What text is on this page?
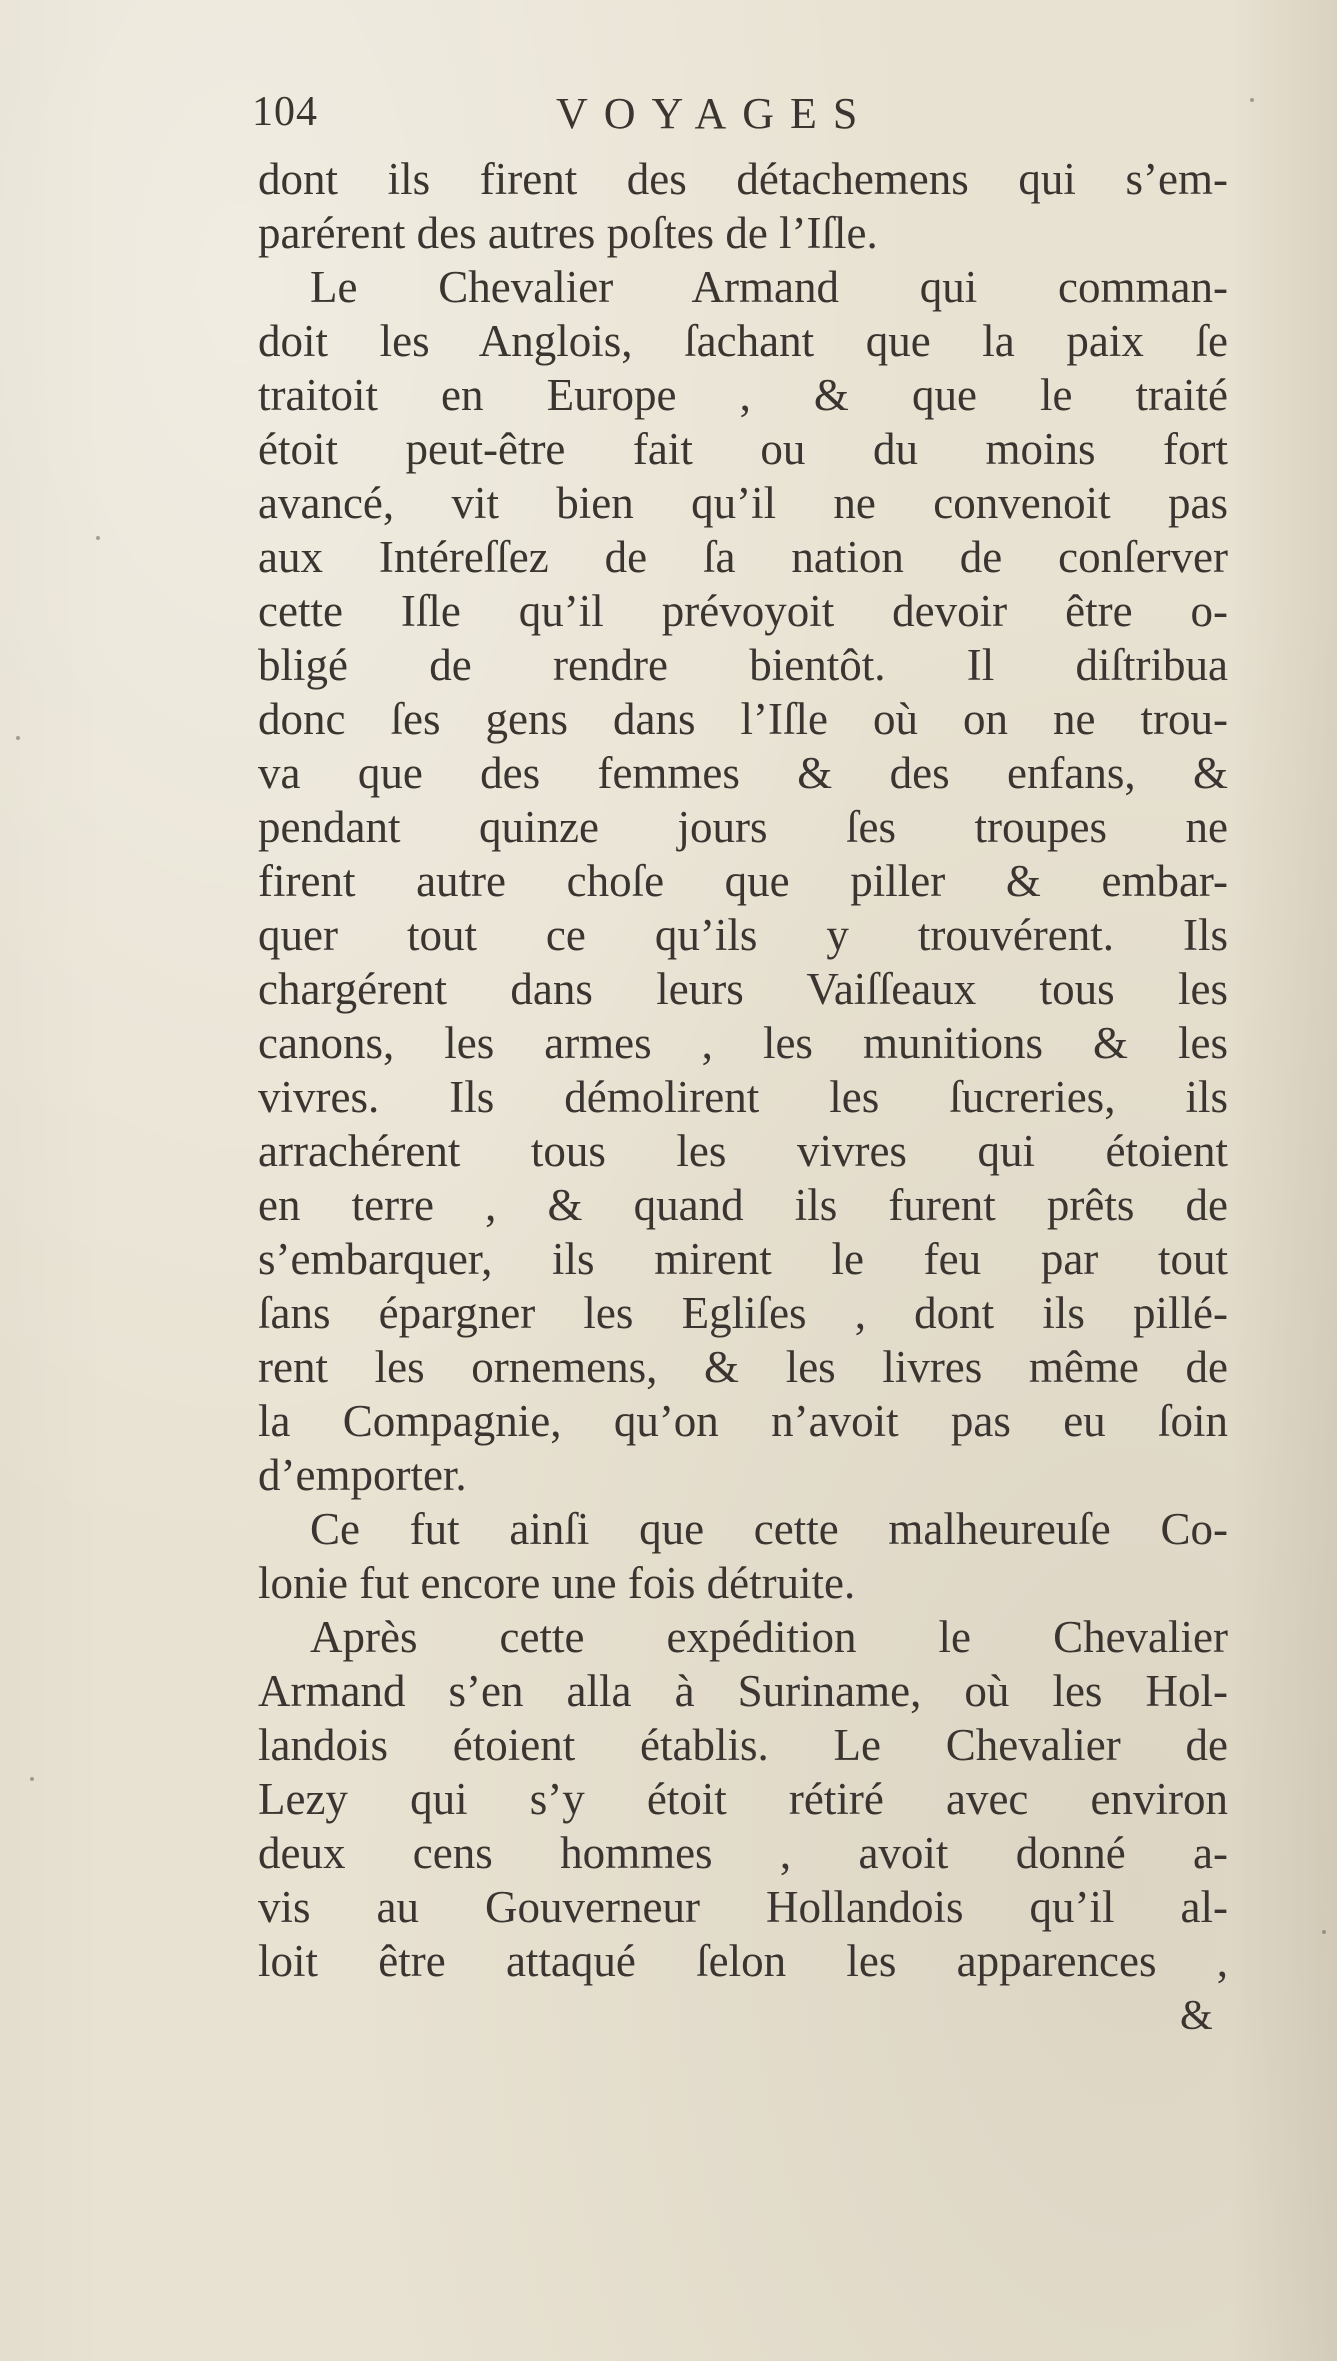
104	VOYAGES
dont ils firent des détachemens qui s’em-
parérent des autres poſtes de l’Iſle.
Le Chevalier Armand qui comman-
doit les Anglois, ſachant que la paix ſe
traitoit en Europe , & que le traité
étoit peut-être fait ou du moins fort
avancé, vit bien qu’il ne convenoit pas
aux Intéreſſez de ſa nation de conſerver
cette Iſle qu’il prévoyoit devoir être o-
bligé de rendre bientôt. Il diſtribua
donc ſes gens dans l’Iſle où on ne trou-
va que des femmes & des enfans, &
pendant quinze jours ſes troupes ne
firent autre choſe que piller & embar-
quer tout ce qu’ils y trouvérent. Ils
chargérent dans leurs Vaiſſeaux tous les
canons, les armes , les munitions & les
vivres. Ils démolirent les ſucreries, ils
arrachérent tous les vivres qui étoient
en terre , & quand ils furent prêts de
s’embarquer, ils mirent le feu par tout
ſans épargner les Egliſes , dont ils pillé-
rent les ornemens, & les livres même de
la Compagnie, qu’on n’avoit pas eu ſoin
d’emporter.
Ce fut ainſi que cette malheureuſe Co-
lonie fut encore une fois détruite.
Après cette expédition le Chevalier
Armand s’en alla à Suriname, où les Hol-
landois étoient établis. Le Chevalier de
Lezy qui s’y étoit rétiré avec environ
deux cens hommes , avoit donné a-
vis au Gouverneur Hollandois qu’il al-
loit être attaqué ſelon les apparences ,
&
